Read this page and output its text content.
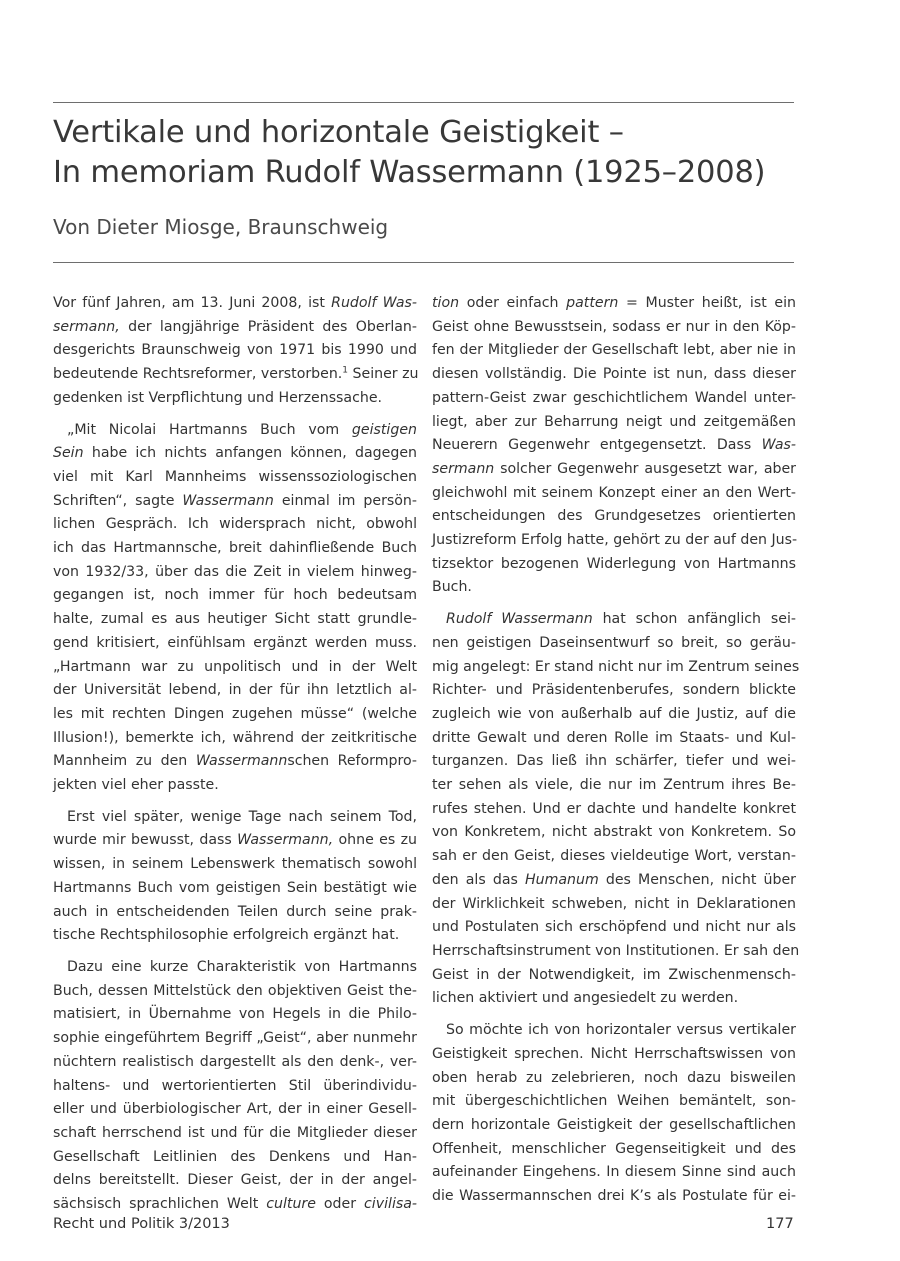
Vertikale und horizontale Geistigkeit –
In memoriam Rudolf Wassermann (1925–2008)
Von Dieter Miosge, Braunschweig

Vor fünf Jahren, am 13. Juni 2008, ist Rudolf Was-
sermann, der langjährige Präsident des Oberlan-
desgerichts Braunschweig von 1971 bis 1990 und
bedeutende Rechtsreformer, verstorben.$^1$ Seiner zu
gedenken ist Verpflichtung und Herzenssache.

„Mit Nicolai Hartmanns Buch vom geistigen
Sein habe ich nichts anfangen können, dagegen
viel mit Karl Mannheims wissenssoziologischen
Schriften“, sagte Wassermann einmal im persön-
lichen Gespräch. Ich widersprach nicht, obwohl
ich das Hartmannsche, breit dahinfließende Buch
von 1932/33, über das die Zeit in vielem hinweg-
gegangen ist, noch immer für hoch bedeutsam
halte, zumal es aus heutiger Sicht statt grundle-
gend kritisiert, einfühlsam ergänzt werden muss.
„Hartmann war zu unpolitisch und in der Welt
der Universität lebend, in der für ihn letztlich al-
les mit rechten Dingen zugehen müsse“ (welche
Illusion!), bemerkte ich, während der zeitkritische
Mannheim zu den Wassermannschen Reformpro-
jekten viel eher passte.

Erst viel später, wenige Tage nach seinem Tod,
wurde mir bewusst, dass Wassermann, ohne es zu
wissen, in seinem Lebenswerk thematisch sowohl
Hartmanns Buch vom geistigen Sein bestätigt wie
auch in entscheidenden Teilen durch seine prak-
tische Rechtsphilosophie erfolgreich ergänzt hat.

Dazu eine kurze Charakteristik von Hartmanns
Buch, dessen Mittelstück den objektiven Geist the-
matisiert, in Übernahme von Hegels in die Philo-
sophie eingeführtem Begriff „Geist“, aber nunmehr
nüchtern realistisch dargestellt als den denk-, ver-
haltens- und wertorientierten Stil überindividu-
eller und überbiologischer Art, der in einer Gesell-
schaft herrschend ist und für die Mitglieder dieser
Gesellschaft Leitlinien des Denkens und Han-
delns bereitstellt. Dieser Geist, der in der angel-
sächsisch sprachlichen Welt culture oder civilisa-

tion oder einfach pattern = Muster heißt, ist ein
Geist ohne Bewusstsein, sodass er nur in den Köp-
fen der Mitglieder der Gesellschaft lebt, aber nie in
diesen vollständig. Die Pointe ist nun, dass dieser
pattern-Geist zwar geschichtlichem Wandel unter-
liegt, aber zur Beharrung neigt und zeitgemäßen
Neuerern Gegenwehr entgegensetzt. Dass Was-
sermann solcher Gegenwehr ausgesetzt war, aber
gleichwohl mit seinem Konzept einer an den Wert-
entscheidungen des Grundgesetzes orientierten
Justizreform Erfolg hatte, gehört zu der auf den Jus-
tizsektor bezogenen Widerlegung von Hartmanns
Buch.

Rudolf Wassermann hat schon anfänglich sei-
nen geistigen Daseinsentwurf so breit, so geräu-
mig angelegt: Er stand nicht nur im Zentrum seines
Richter- und Präsidentenberufes, sondern blickte
zugleich wie von außerhalb auf die Justiz, auf die
dritte Gewalt und deren Rolle im Staats- und Kul-
turganzen. Das ließ ihn schärfer, tiefer und wei-
ter sehen als viele, die nur im Zentrum ihres Be-
rufes stehen. Und er dachte und handelte konkret
von Konkretem, nicht abstrakt von Konkretem. So
sah er den Geist, dieses vieldeutige Wort, verstan-
den als das Humanum des Menschen, nicht über
der Wirklichkeit schweben, nicht in Deklarationen
und Postulaten sich erschöpfend und nicht nur als
Herrschaftsinstrument von Institutionen. Er sah den
Geist in der Notwendigkeit, im Zwischenmensch-
lichen aktiviert und angesiedelt zu werden.

So möchte ich von horizontaler versus vertikaler
Geistigkeit sprechen. Nicht Herrschaftswissen von
oben herab zu zelebrieren, noch dazu bisweilen
mit übergeschichtlichen Weihen bemäntelt, son-
dern horizontale Geistigkeit der gesellschaftlichen
Offenheit, menschlicher Gegenseitigkeit und des
aufeinander Eingehens. In diesem Sinne sind auch
die Wassermannschen drei K’s als Postulate für ei-

Recht und Politik 3/2013	177
